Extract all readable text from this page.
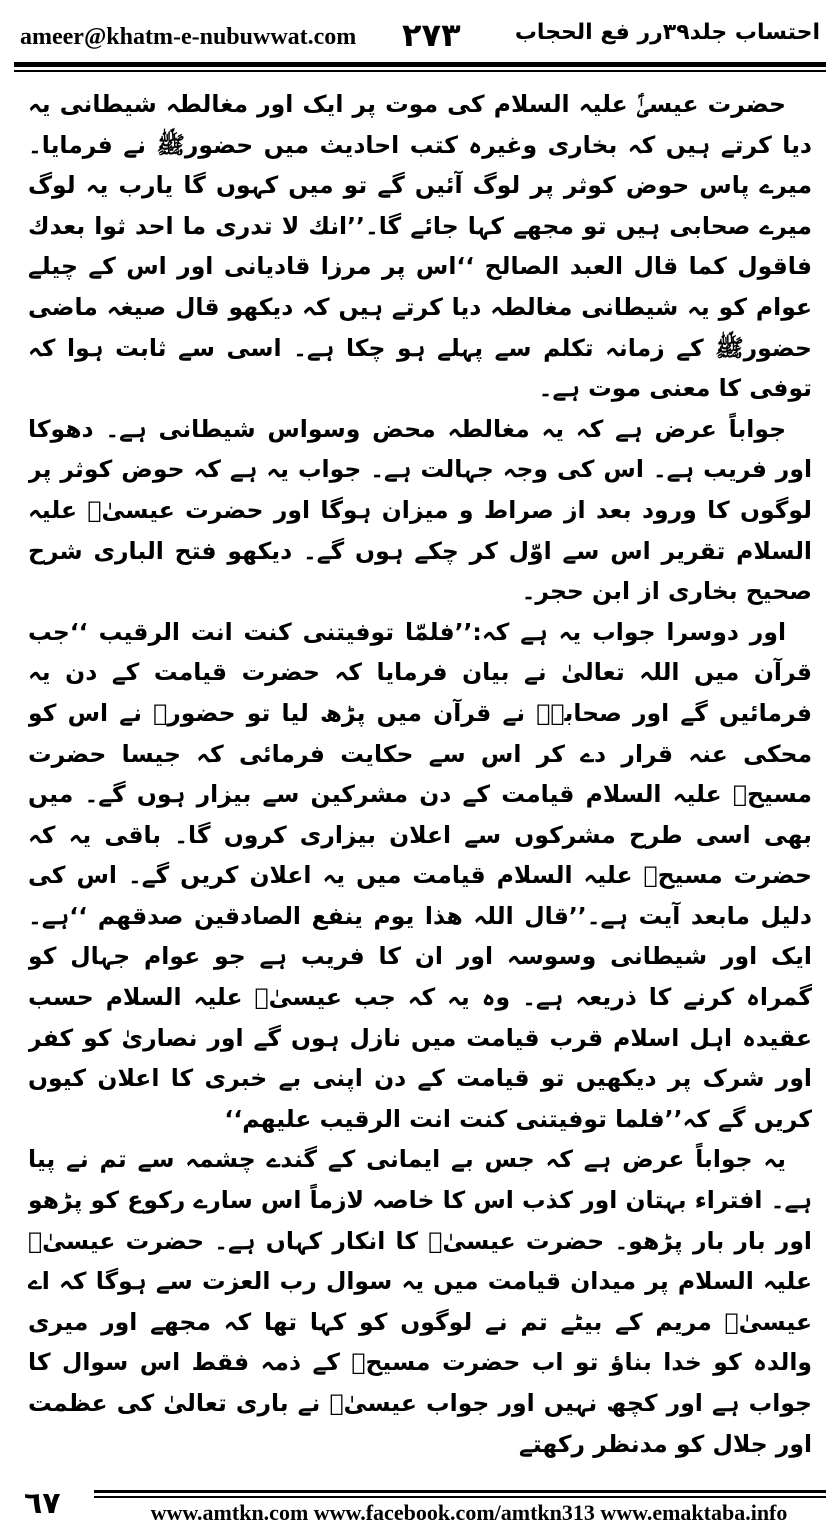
ameer@khatm-e-nubuwwat.com ٢٧٣ احتساب جلد۳۹رر فع الحجاب

حضرت عیسیٰؑ علیہ السلام کی موت پر ایک اور مغالطہ شیطانی یہ دیا کرتے ہیں کہ بخاری وغیرہ کتب احادیث میں حضورﷺ نے فرمایا۔ میرے پاس حوض کوثر پر لوگ آئیں گے تو میں کہوں گا یارب یہ لوگ میرے صحابی ہیں تو مجھے کہا جائے گا۔’’انك لا تدری ما احد ثوا بعدك فاقول کما قال العبد الصالح ‘‘اس پر مرزا قادیانی اور اس کے چیلے عوام کو یہ شیطانی مغالطہ دیا کرتے ہیں کہ دیکھو قال صیغہ ماضی حضورﷺ کے زمانہ تکلم سے پہلے ہو چکا ہے۔ اسی سے ثابت ہوا کہ توفی کا معنی موت ہے۔

جواباً عرض ہے کہ یہ مغالطہ محض وسواس شیطانی ہے۔ دھوکا اور فریب ہے۔ اس کی وجہ جہالت ہے۔ جواب یہ ہے کہ حوض کوثر پر لوگوں کا ورود بعد از صراط و میزان ہوگا اور حضرت عیسیٰؑ علیہ السلام تقریر اس سے اوّل کر چکے ہوں گے۔ دیکھو فتح الباری شرح صحیح بخاری از ابن حجر۔

اور دوسرا جواب یہ ہے کہ:’’فلمّا توفیتنی کنت انت الرقیب ‘‘جب قرآن میں اللہ تعالیٰ نے بیان فرمایا کہ حضرت قیامت کے دن یہ فرمائیں گے اور صحابہؓ نے قرآن میں پڑھ لیا تو حضورﷺ نے اس کو محکی عنہ قرار دے کر اس سے حکایت فرمائی کہ جیسا حضرت مسیحؑ علیہ السلام قیامت کے دن مشرکین سے بیزار ہوں گے۔ میں بھی اسی طرح مشرکوں سے اعلان بیزاری کروں گا۔ باقی یہ کہ حضرت مسیحؑ علیہ السلام قیامت میں یہ اعلان کریں گے۔ اس کی دلیل مابعد آیت ہے۔’’قال اللہ ھذا یوم ینفع الصادقین صدقھم ‘‘ہے۔ ایک اور شیطانی وسوسہ اور ان کا فریب ہے جو عوام جہال کو گمراہ کرنے کا ذریعہ ہے۔ وہ یہ کہ جب عیسیٰؑ علیہ السلام حسب عقیدہ اہل اسلام قرب قیامت میں نازل ہوں گے اور نصاریٰ کو کفر اور شرک پر دیکھیں تو قیامت کے دن اپنی بے خبری کا اعلان کیوں کریں گے کہ’’فلما توفیتنی کنت انت الرقیب علیھم‘‘

یہ جواباً عرض ہے کہ جس بے ایمانی کے گندے چشمہ سے تم نے پیا ہے۔ افتراء بہتان اور کذب اس کا خاصہ لازماً اس سارے رکوع کو پڑھو اور بار بار پڑھو۔ حضرت عیسیٰؑ کا انکار کہاں ہے۔ حضرت عیسیٰؑ علیہ السلام پر میدان قیامت میں یہ سوال رب العزت سے ہوگا کہ اے عیسیٰؑ مریم کے بیٹے تم نے لوگوں کو کہا تھا کہ مجھے اور میری والدہ کو خدا بناؤ تو اب حضرت مسیحؑ کے ذمہ فقط اس سوال کا جواب ہے اور کچھ نہیں اور جواب عیسیٰؑ نے باری تعالیٰ کی عظمت اور جلال کو مدنظر رکھتے

٦٧	www.amtkn.com www.facebook.com/amtkn313 www.emaktaba.info
